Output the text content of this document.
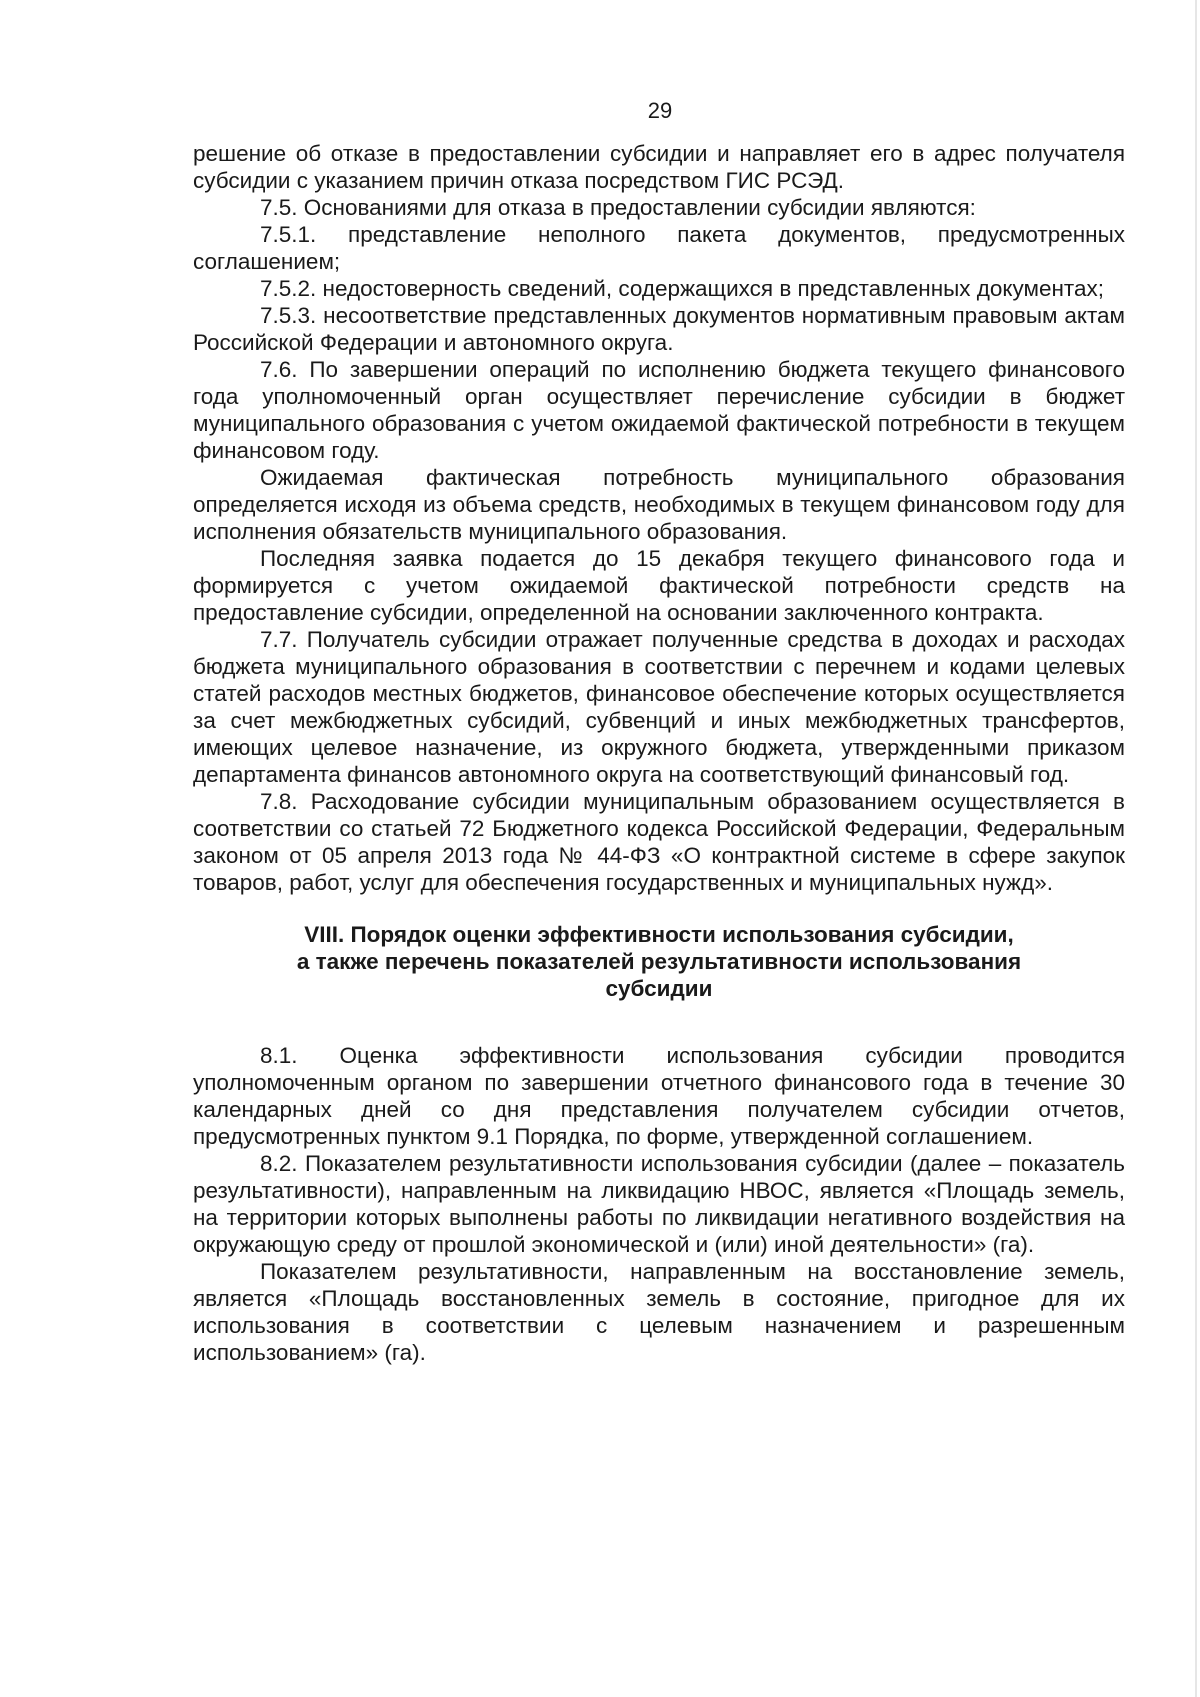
29

решение об отказе в предоставлении субсидии и направляет его в адрес получателя субсидии с указанием причин отказа посредством ГИС РСЭД.

7.5. Основаниями для отказа в предоставлении субсидии являются:

7.5.1. представление неполного пакета документов, предусмотренных соглашением;

7.5.2. недостоверность сведений, содержащихся в представленных документах;

7.5.3. несоответствие представленных документов нормативным правовым актам Российской Федерации и автономного округа.

7.6. По завершении операций по исполнению бюджета текущего финансового года уполномоченный орган осуществляет перечисление субсидии в бюджет муниципального образования с учетом ожидаемой фактической потребности в текущем финансовом году.

Ожидаемая фактическая потребность муниципального образования определяется исходя из объема средств, необходимых в текущем финансовом году для исполнения обязательств муниципального образования.

Последняя заявка подается до 15 декабря текущего финансового года и формируется с учетом ожидаемой фактической потребности средств на предоставление субсидии, определенной на основании заключенного контракта.

7.7. Получатель субсидии отражает полученные средства в доходах и расходах бюджета муниципального образования в соответствии с перечнем и кодами целевых статей расходов местных бюджетов, финансовое обеспечение которых осуществляется за счет межбюджетных субсидий, субвенций и иных межбюджетных трансфертов, имеющих целевое назначение, из окружного бюджета, утвержденными приказом департамента финансов автономного округа на соответствующий финансовый год.

7.8. Расходование субсидии муниципальным образованием осуществляется в соответствии со статьей 72 Бюджетного кодекса Российской Федерации, Федеральным законом от 05 апреля 2013 года № 44-ФЗ «О контрактной системе в сфере закупок товаров, работ, услуг для обеспечения государственных и муниципальных нужд».

VIII. Порядок оценки эффективности использования субсидии,
а также перечень показателей результативности использования
субсидии

8.1. Оценка эффективности использования субсидии проводится уполномоченным органом по завершении отчетного финансового года в течение 30 календарных дней со дня представления получателем субсидии отчетов, предусмотренных пунктом 9.1 Порядка, по форме, утвержденной соглашением.

8.2. Показателем результативности использования субсидии (далее – показатель результативности), направленным на ликвидацию НВОС, является «Площадь земель, на территории которых выполнены работы по ликвидации негативного воздействия на окружающую среду от прошлой экономической и (или) иной деятельности» (га).

Показателем результативности, направленным на восстановление земель, является «Площадь восстановленных земель в состояние, пригодное для их использования в соответствии с целевым назначением и разрешенным использованием» (га).
